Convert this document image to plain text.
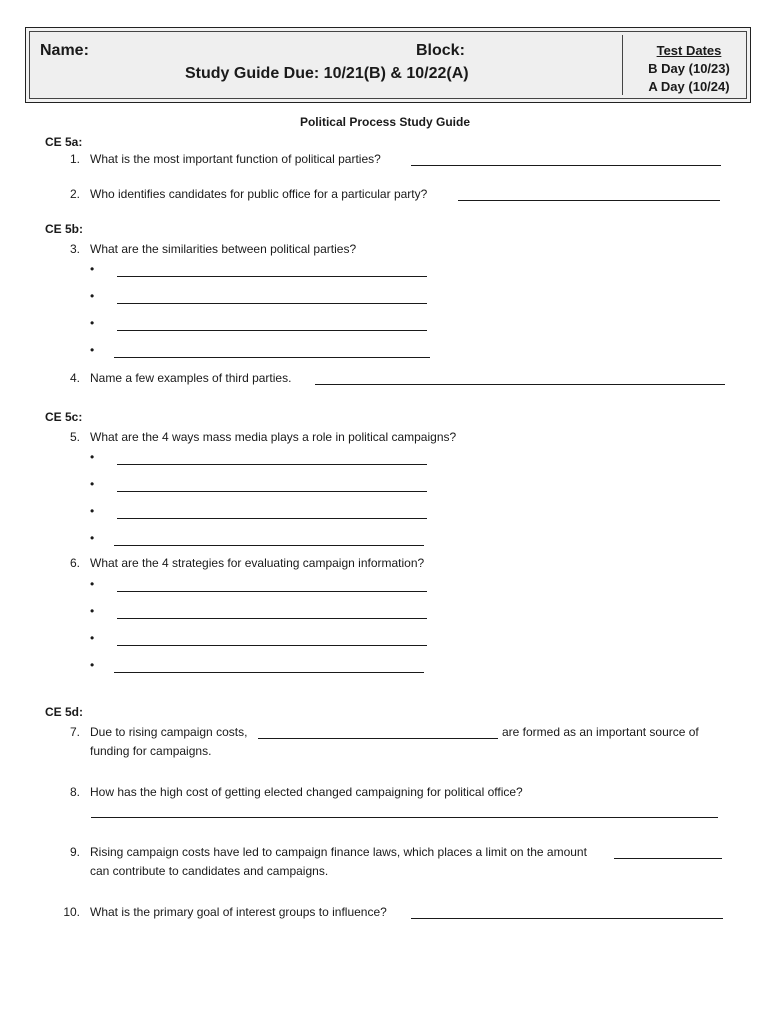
Name:	Block:
Study Guide Due: 10/21(B) & 10/22(A)
Test Dates
B Day (10/23)
A Day (10/24)
Political Process Study Guide
CE 5a:
1. What is the most important function of political parties?
2. Who identifies candidates for public office for a particular party?
CE 5b:
3. What are the similarities between political parties?
•
•
•
•
4. Name a few examples of third parties.
CE 5c:
5. What are the 4 ways mass media plays a role in political campaigns?
•
•
•
•
6. What are the 4 strategies for evaluating campaign information?
•
•
•
•
CE 5d:
7. Due to rising campaign costs,	are formed as an important source of
funding for campaigns.
8. How has the high cost of getting elected changed campaigning for political office?
9. Rising campaign costs have led to campaign finance laws, which places a limit on the amount
can contribute to candidates and campaigns.
10. What is the primary goal of interest groups to influence?
